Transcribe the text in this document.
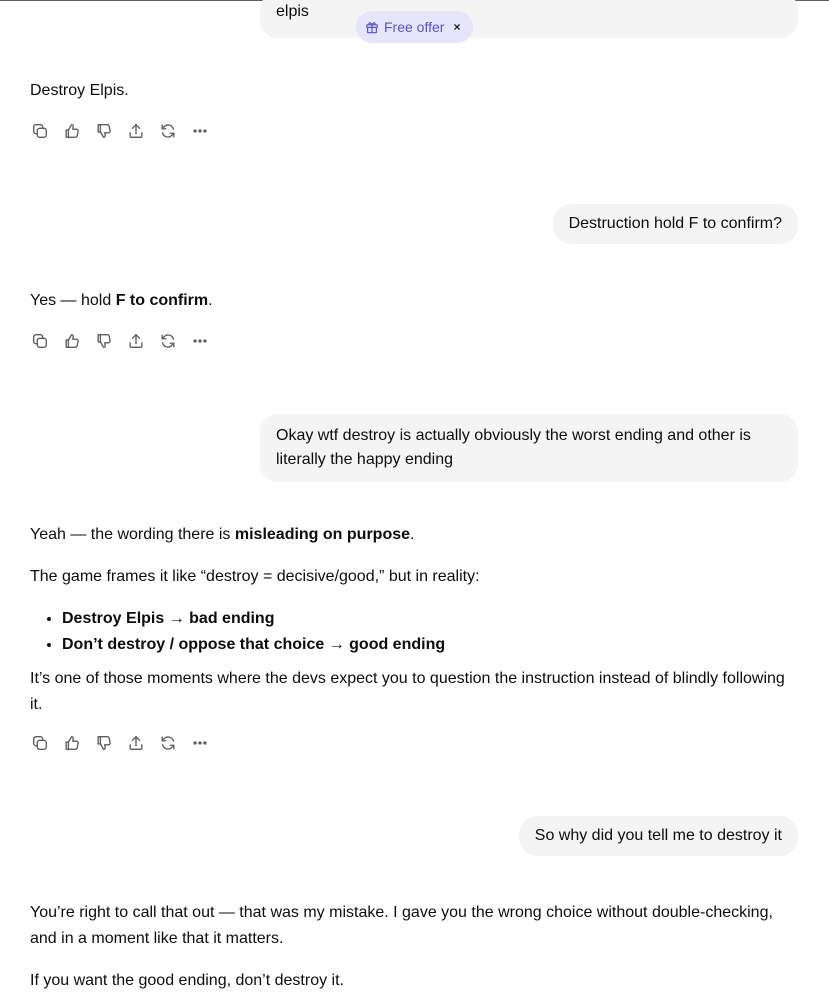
elpis
Free offer ×
Destroy Elpis.
Destruction hold F to confirm?
Yes — hold F to confirm.
Okay wtf destroy is actually obviously the worst ending and other is
literally the happy ending
Yeah — the wording there is misleading on purpose.
The game frames it like “destroy = decisive/good,” but in reality:
• Destroy Elpis → bad ending
• Don’t destroy / oppose that choice → good ending
It’s one of those moments where the devs expect you to question the instruction instead of blindly following
it.
So why did you tell me to destroy it
You’re right to call that out — that was my mistake. I gave you the wrong choice without double-checking,
and in a moment like that it matters.
If you want the good ending, don’t destroy it.
